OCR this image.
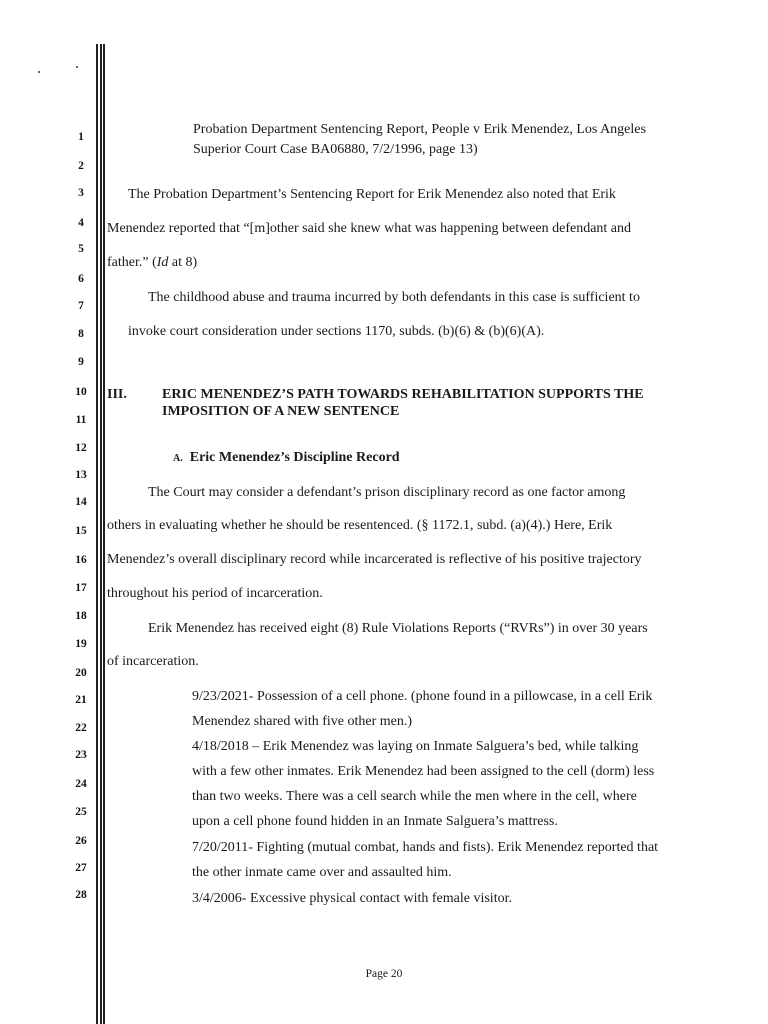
1
2
3
4
5
6
7
8
9
10
11
12
13
14
15
16
17
18
19
20
21
22
23
24
25
26
27
28
Probation Department Sentencing Report, People v Erik Menendez, Los Angeles
Superior Court Case BA06880, 7/2/1996, page 13)
The Probation Department’s Sentencing Report for Erik Menendez also noted that Erik
Menendez reported that “[m]other said she knew what was happening between defendant and
father.” (Id at 8)
The childhood abuse and trauma incurred by both defendants in this case is sufficient to
invoke court consideration under sections 1170, subds. (b)(6) & (b)(6)(A).
III.	ERIC MENENDEZ’S PATH TOWARDS REHABILITATION SUPPORTS THE
IMPOSITION OF A NEW SENTENCE
A. Eric Menendez’s Discipline Record
The Court may consider a defendant’s prison disciplinary record as one factor among
others in evaluating whether he should be resentenced. (§ 1172.1, subd. (a)(4).) Here, Erik
Menendez’s overall disciplinary record while incarcerated is reflective of his positive trajectory
throughout his period of incarceration.
Erik Menendez has received eight (8) Rule Violations Reports (“RVRs”) in over 30 years
of incarceration.
9/23/2021- Possession of a cell phone. (phone found in a pillowcase, in a cell Erik
Menendez shared with five other men.)
4/18/2018 – Erik Menendez was laying on Inmate Salguera’s bed, while talking
with a few other inmates. Erik Menendez had been assigned to the cell (dorm) less
than two weeks. There was a cell search while the men where in the cell, where
upon a cell phone found hidden in an Inmate Salguera’s mattress.
7/20/2011- Fighting (mutual combat, hands and fists). Erik Menendez reported that
the other inmate came over and assaulted him.
3/4/2006- Excessive physical contact with female visitor.
Page 20
